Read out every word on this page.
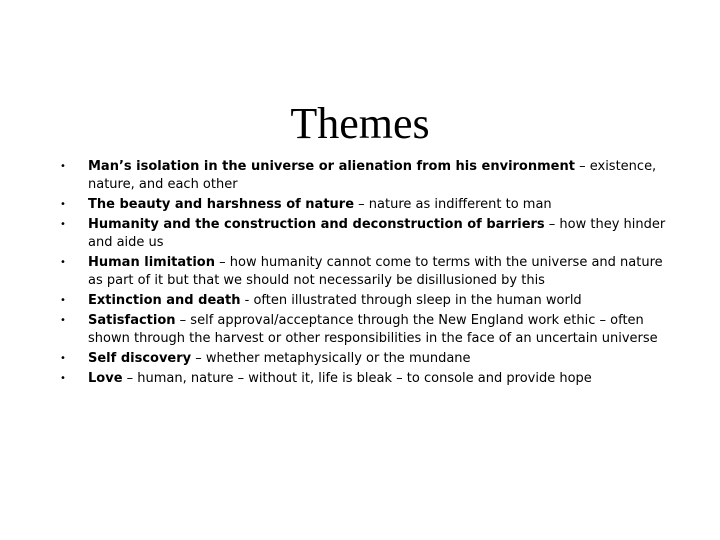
Themes
• Man’s isolation in the universe or alienation from his environment – existence, nature, and each other
• The beauty and harshness of nature – nature as indifferent to man
• Humanity and the construction and deconstruction of barriers – how they hinder and aide us
• Human limitation – how humanity cannot come to terms with the universe and nature as part of it but that we should not necessarily be disillusioned by this
• Extinction and death - often illustrated through sleep in the human world
• Satisfaction – self approval/acceptance through the New England work ethic – often shown through the harvest or other responsibilities in the face of an uncertain universe
• Self discovery – whether metaphysically or the mundane
• Love – human, nature – without it, life is bleak – to console and provide hope
